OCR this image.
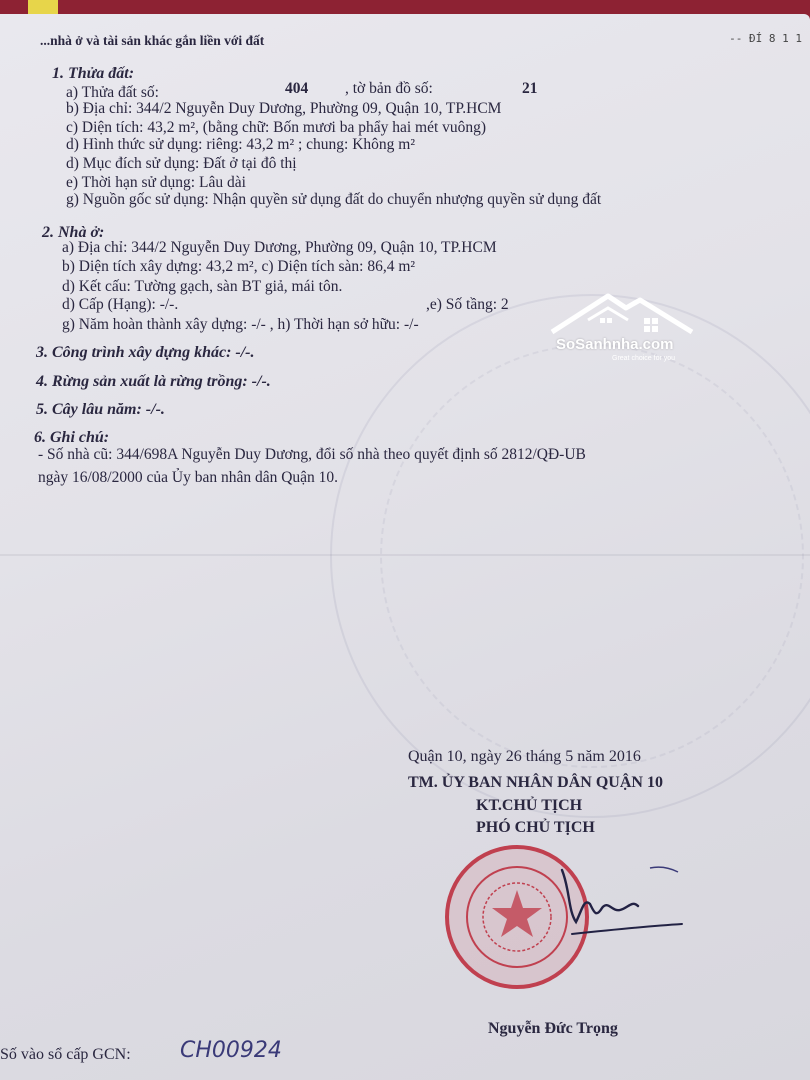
...nhà ở và tài sản khác gắn liền với đất	-- ĐÍ 8 1 1
1. Thửa đất:
a) Thửa đất số:	404 , tờ bản đồ số:	21
b) Địa chỉ: 344/2 Nguyễn Duy Dương, Phường 09, Quận 10, TP.HCM
c) Diện tích: 43,2 m², (bằng chữ: Bốn mươi ba phẩy hai mét vuông)
d) Hình thức sử dụng: riêng: 43,2 m² ; chung: Không m²
d) Mục đích sử dụng: Đất ở tại đô thị
e) Thời hạn sử dụng: Lâu dài
g) Nguồn gốc sử dụng: Nhận quyền sử dụng đất do chuyển nhượng quyền sử dụng đất
2. Nhà ở:
a) Địa chỉ: 344/2 Nguyễn Duy Dương, Phường 09, Quận 10, TP.HCM
b) Diện tích xây dựng: 43,2 m², c) Diện tích sàn: 86,4 m²
d) Kết cấu: Tường gạch, sàn BT giả, mái tôn.
d) Cấp (Hạng): -/-.	,e) Số tầng: 2
g) Năm hoàn thành xây dựng: -/- , h) Thời hạn sở hữu: -/-
3. Công trình xây dựng khác: -/-.
4. Rừng sản xuất là rừng trồng: -/-.
5. Cây lâu năm: -/-.
6. Ghi chú:
- Số nhà cũ: 344/698A Nguyễn Duy Dương, đổi số nhà theo quyết định số 2812/QĐ-UB
ngày 16/08/2000 của Ủy ban nhân dân Quận 10.
SoSanhnha.com
Great choice for you
Quận 10, ngày 26 tháng 5 năm 2016
TM. ỦY BAN NHÂN DÂN QUẬN 10
KT.CHỦ TỊCH
PHÓ CHỦ TỊCH
Nguyễn Đức Trọng
Số vào sổ cấp GCN: CH00924
